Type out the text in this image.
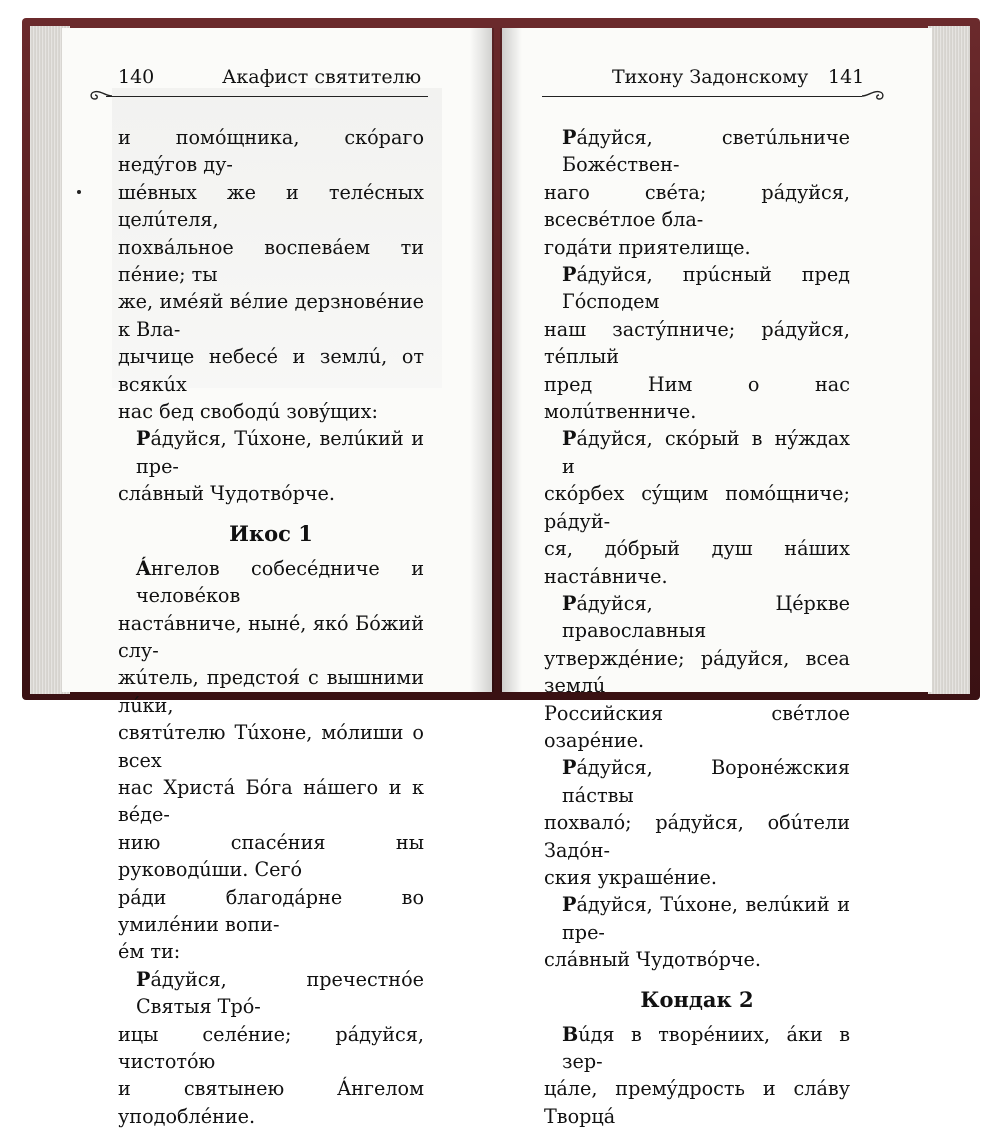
140	Акафист святителю
и помóщника, скóраго недýгов ду-
шéвных же и телéсных целúтеля,
похвáльное воспевáем ти пéние; ты
же, имéяй вéлие дерзновéние к Вла-
дычице небесé и землú, от всякúх
нас бед свободú зовýщих:
Рáдуйся, Тúхоне, велúкий и пре-
слáвный Чудотвóрче.
Икос 1
Áнгелов собесéдниче и человéков
настáвниче, нынé, якó Бóжий слу-
жúтель, предстоя́ с вышними лúки,
святúтелю Тúхоне, мóлиши о всех
нас Христá Бóга нáшего и к вéде-
нию спасéния ны руководúши. Сегó
рáди благодáрне во умилéнии вопи-
éм ти:
Рáдуйся, пречестнóе Святыя Трó-
ицы селéние; рáдуйся, чистотóю
и святынею Áнгелом уподоблéние.
Тихону Задонскому 141
Рáдуйся, светúльниче Божéствен-
наго свéта; рáдуйся, всесвéтлое бла-
годáти приятелище.
Рáдуйся, прúсный пред Гóсподем
наш застýпниче; рáдуйся, тéплый
пред Ним о нас молúтвенниче.
Рáдуйся, скóрый в нýждах и
скóрбех сýщим помóщниче; рáдуй-
ся, дóбрый душ нáших настáвниче.
Рáдуйся, Цéркве православныя
утверждéние; рáдуйся, всеа землú
Российския свéтлое озарéние.
Рáдуйся, Воронéжския пáствы
похвалó; рáдуйся, обúтели Задóн-
ския украшéние.
Рáдуйся, Тúхоне, велúкий и пре-
слáвный Чудотвóрче.
Кондак 2
Вúдя в творéниих, áки в зер-
цáле, премýдрость и слáву Творцá
